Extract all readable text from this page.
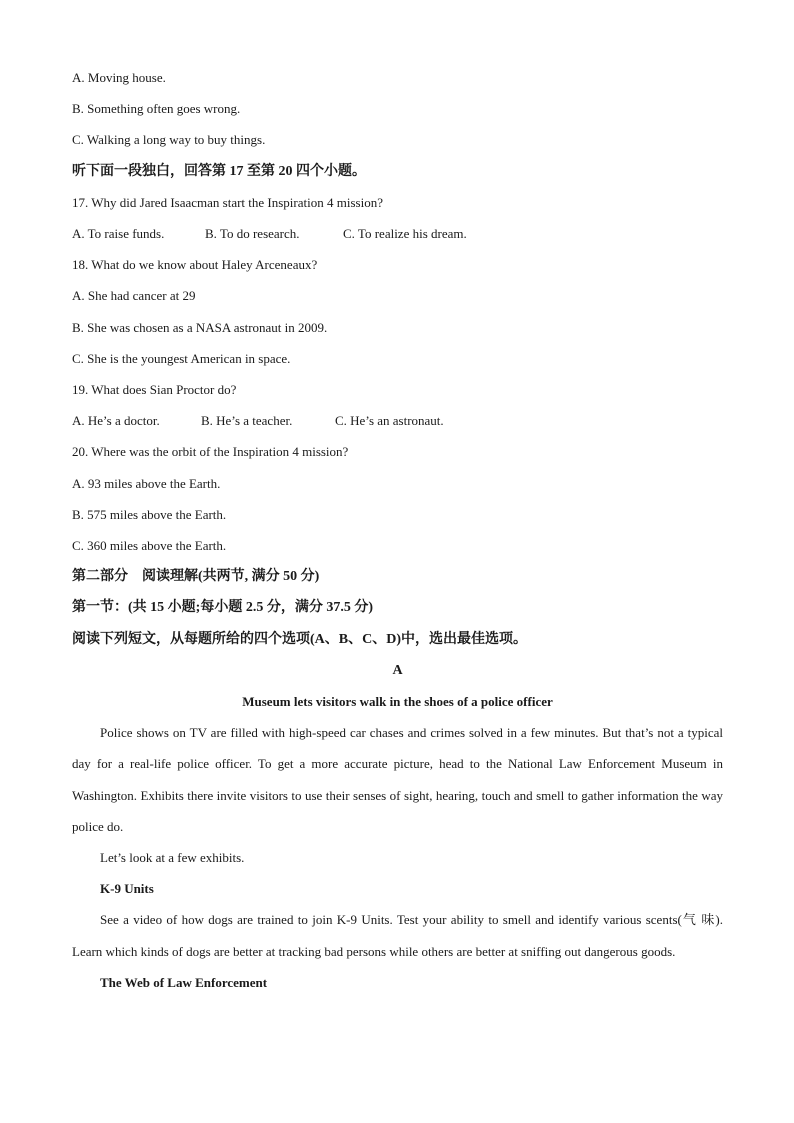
A. Moving house.
B. Something often goes wrong.
C. Walking a long way to buy things.
听下面一段独白，回答第 17 至第 20 四个小题。
17. Why did Jared Isaacman start the Inspiration 4 mission?
A. To raise funds.	B. To do research.	C. To realize his dream.
18. What do we know about Haley Arceneaux?
A. She had cancer at 29
B. She was chosen as a NASA astronaut in 2009.
C. She is the youngest American in space.
19. What does Sian Proctor do?
A. He’s a doctor.	B. He’s a teacher.	C. He’s an astronaut.
20. Where was the orbit of the Inspiration 4 mission?
A. 93 miles above the Earth.
B. 575 miles above the Earth.
C. 360 miles above the Earth.
第二部分　阅读理解(共两节, 满分 50 分)
第一节：(共 15 小题;每小题 2.5 分，满分 37.5 分)
阅读下列短文，从每题所给的四个选项(A、B、C、D)中，选出最佳选项。
A
Museum lets visitors walk in the shoes of a police officer
Police shows on TV are filled with high-speed car chases and crimes solved in a few minutes. But that’s not a typical day for a real-life police officer. To get a more accurate picture, head to the National Law Enforcement Museum in Washington. Exhibits there invite visitors to use their senses of sight, hearing, touch and smell to gather information the way police do.
Let’s look at a few exhibits.
K-9 Units
See a video of how dogs are trained to join K-9 Units. Test your ability to smell and identify various scents(气 味). Learn which kinds of dogs are better at tracking bad persons while others are better at sniffing out dangerous goods.
The Web of Law Enforcement
